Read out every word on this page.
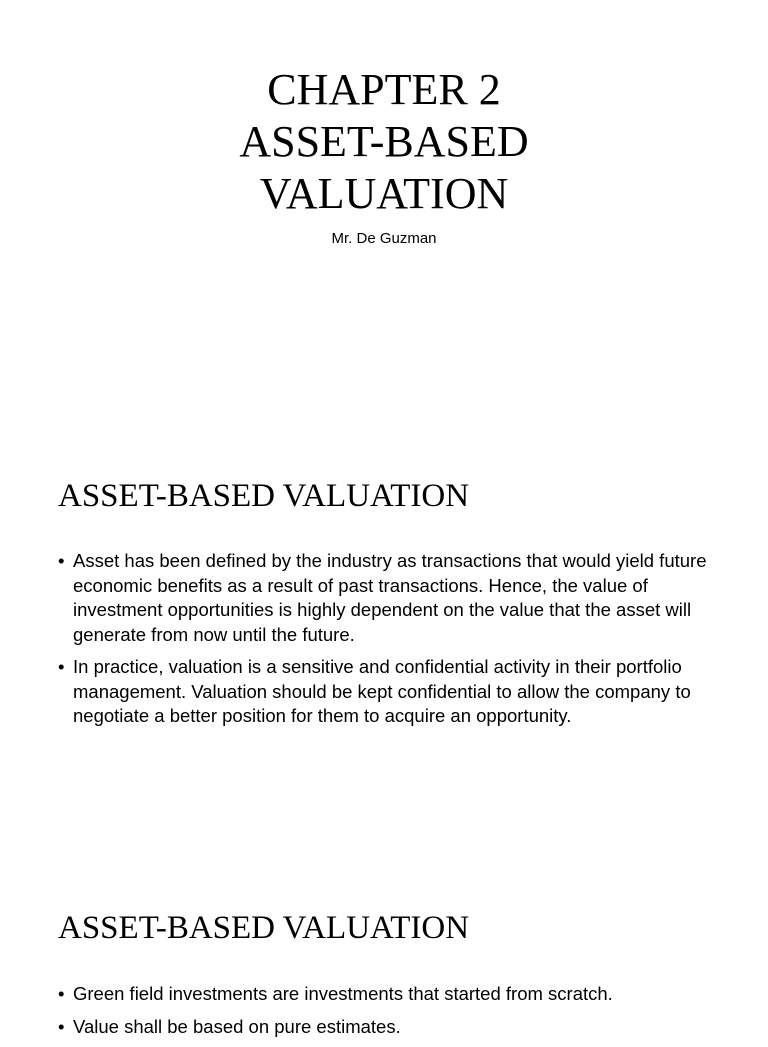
CHAPTER 2
ASSET-BASED
VALUATION
Mr. De Guzman
ASSET-BASED VALUATION
• Asset has been defined by the industry as transactions that would yield future economic benefits as a result of past transactions. Hence, the value of investment opportunities is highly dependent on the value that the asset will generate from now until the future.
• In practice, valuation is a sensitive and confidential activity in their portfolio management. Valuation should be kept confidential to allow the company to negotiate a better position for them to acquire an opportunity.
ASSET-BASED VALUATION
• Green field investments are investments that started from scratch.
• Value shall be based on pure estimates.
